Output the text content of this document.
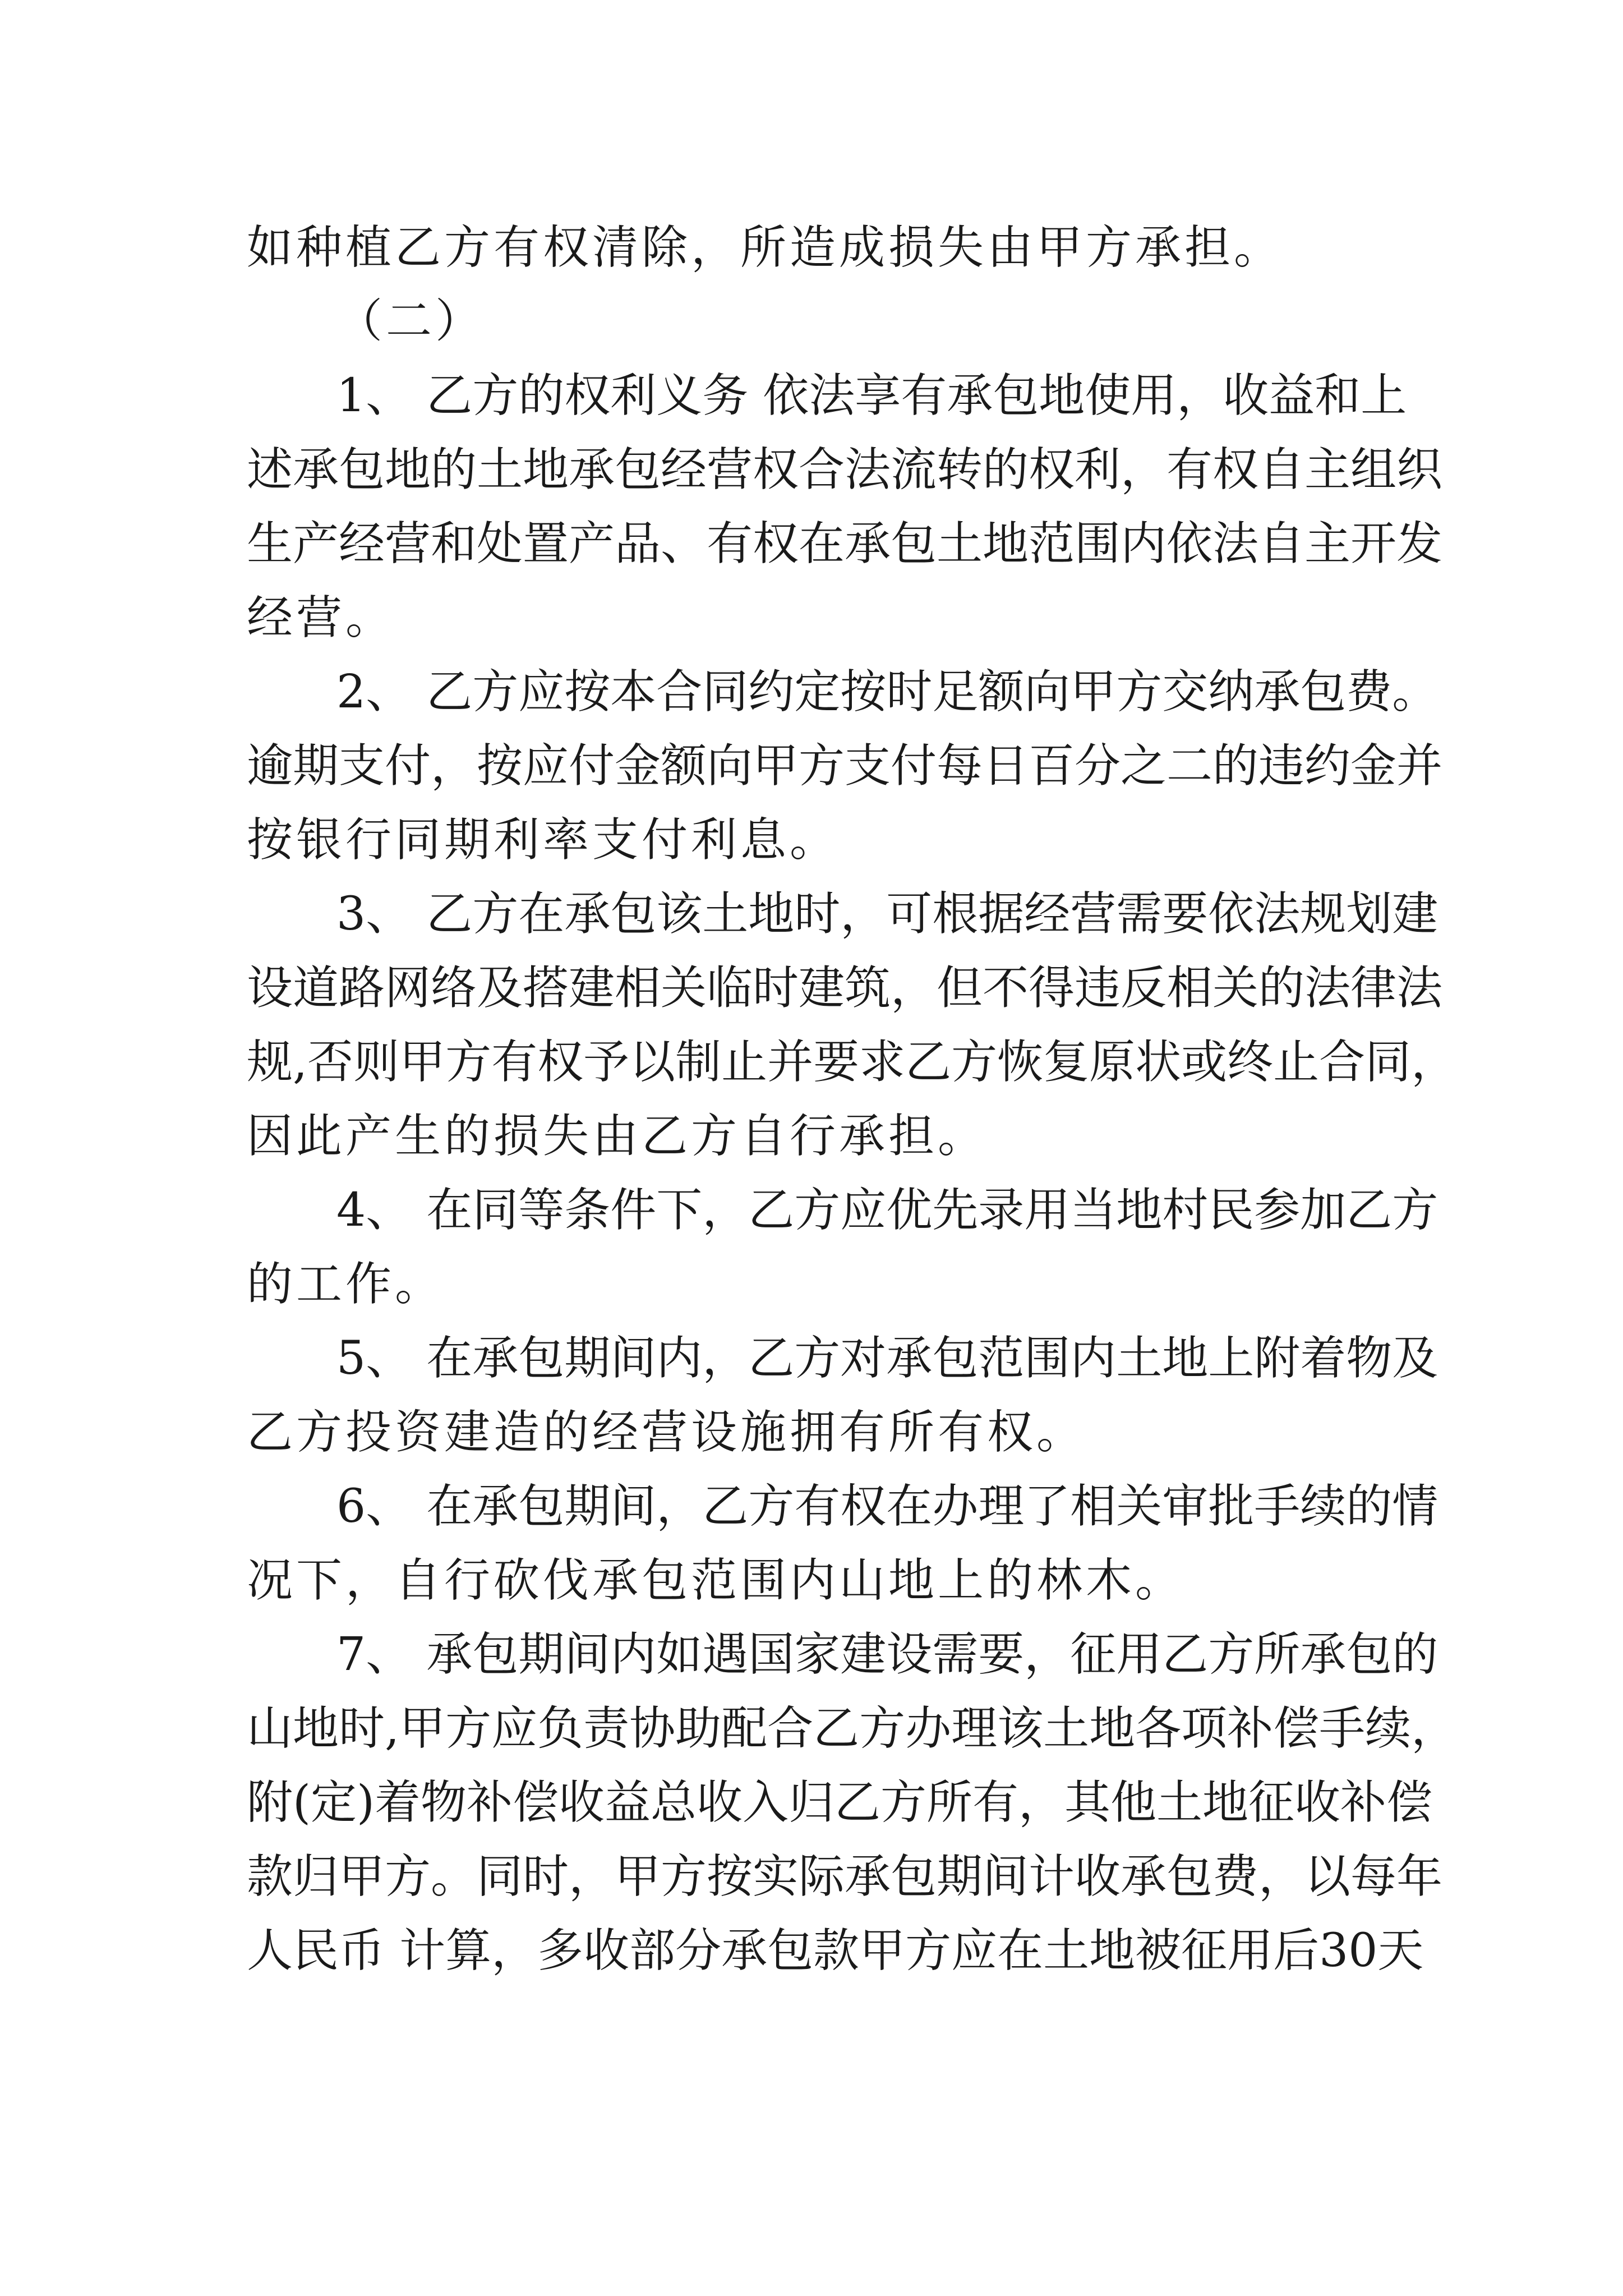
如种植乙方有权清除，所造成损失由甲方承担。
（二）
1、 乙方的权利义务 依法享有承包地使用，收益和上
述承包地的土地承包经营权合法流转的权利，有权自主组织
生产经营和处置产品、有权在承包土地范围内依法自主开发
经营。
2、 乙方应按本合同约定按时足额向甲方交纳承包费。
逾期支付，按应付金额向甲方支付每日百分之二的违约金并
按银行同期利率支付利息。
3、 乙方在承包该土地时，可根据经营需要依法规划建
设道路网络及搭建相关临时建筑，但不得违反相关的法律法
规,否则甲方有权予以制止并要求乙方恢复原状或终止合同，
因此产生的损失由乙方自行承担。
4、 在同等条件下，乙方应优先录用当地村民参加乙方
的工作。
5、 在承包期间内，乙方对承包范围内土地上附着物及
乙方投资建造的经营设施拥有所有权。
6、 在承包期间，乙方有权在办理了相关审批手续的情
况下，自行砍伐承包范围内山地上的林木。
7、 承包期间内如遇国家建设需要，征用乙方所承包的
山地时,甲方应负责协助配合乙方办理该土地各项补偿手续，
附(定)着物补偿收益总收入归乙方所有，其他土地征收补偿
款归甲方。同时，甲方按实际承包期间计收承包费，以每年
人民币 计算，多收部分承包款甲方应在土地被征用后30天
